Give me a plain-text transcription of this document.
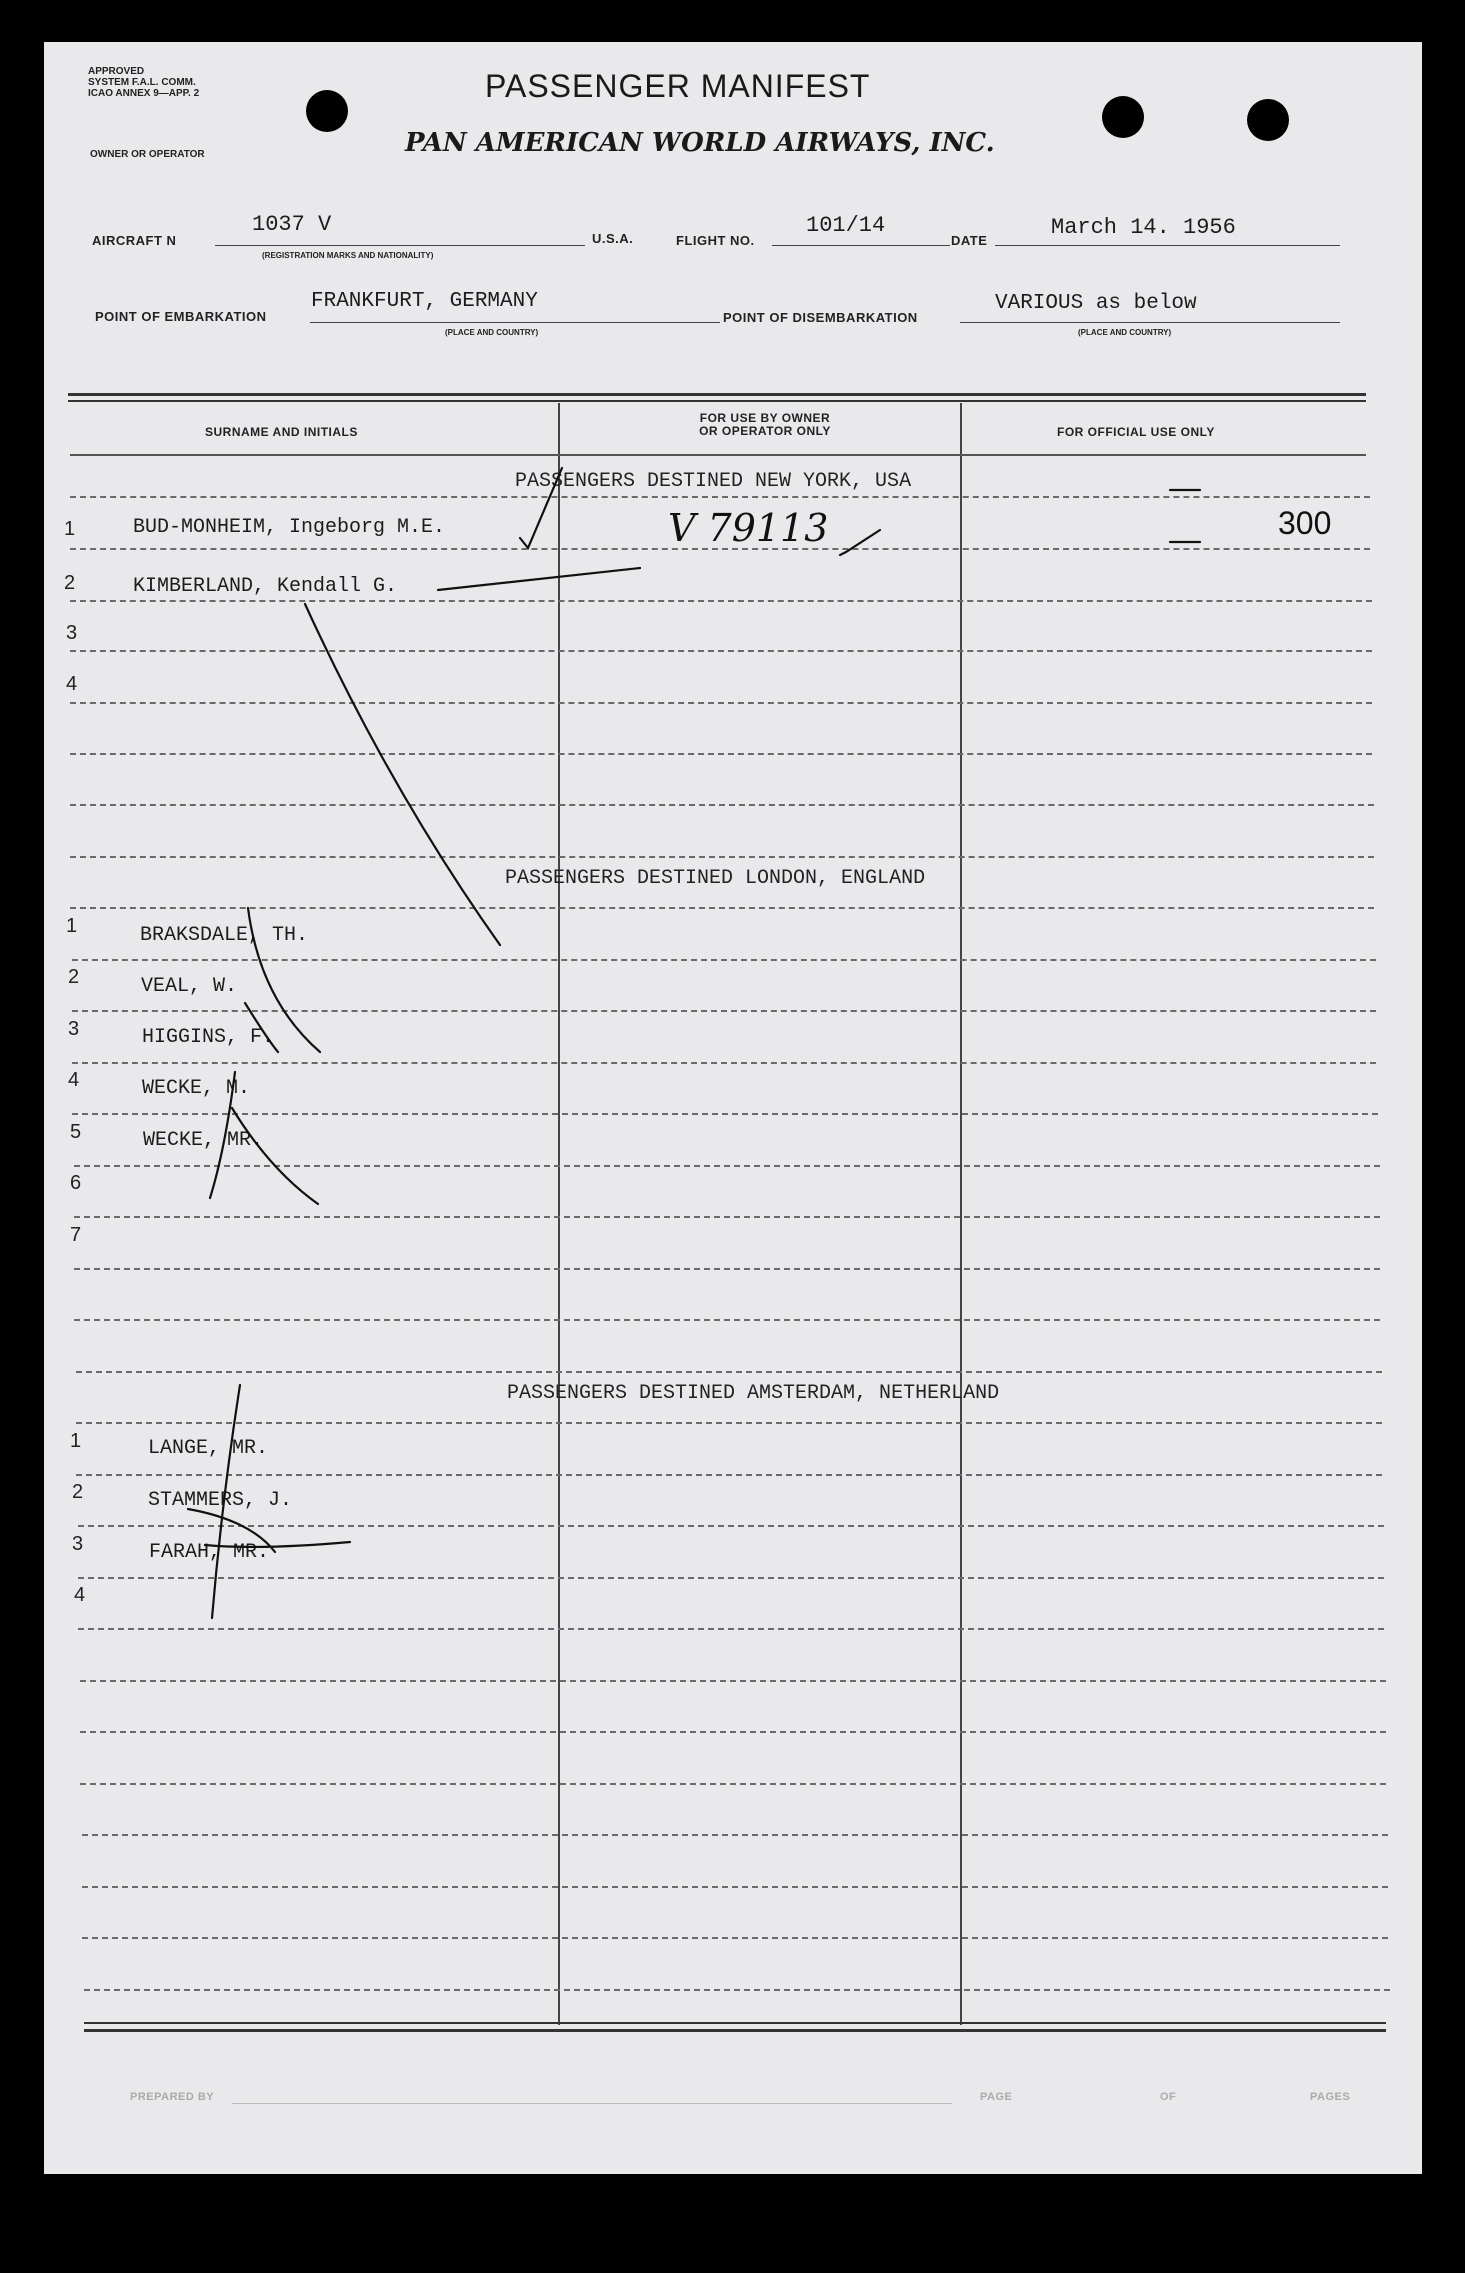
APPROVED
SYSTEM F.A.L. COMM.
ICAO ANNEX 9—APP. 2
OWNER OR OPERATOR
PASSENGER MANIFEST
PAN AMERICAN WORLD AIRWAYS, INC.
AIRCRAFT N
1037 V
(REGISTRATION MARKS AND NATIONALITY)
U.S.A.	FLIGHT NO.
101/14
DATE
March 14. 1956
POINT OF EMBARKATION
FRANKFURT, GERMANY
(PLACE AND COUNTRY)
POINT OF DISEMBARKATION
VARIOUS as below
(PLACE AND COUNTRY)
SURNAME AND INITIALS
FOR USE BY OWNER
OR OPERATOR ONLY	FOR OFFICIAL USE ONLY
PASSENGERS DESTINED NEW YORK, USA
1	BUD-MONHEIM, Ingeborg M.E.	V 79113	300
2	KIMBERLAND, Kendall G.
3
4
PASSENGERS DESTINED LONDON, ENGLAND
1	BRAKSDALE, TH.
2	VEAL, W.
3	HIGGINS, F.
4	WECKE, M.
5	WECKE, MR.
6
7
PASSENGERS DESTINED AMSTERDAM, NETHERLAND
1	LANGE, MR.
2	STAMMERS, J.
3	FARAH, MR.
4
PREPARED BY	PAGE	OF	PAGES
